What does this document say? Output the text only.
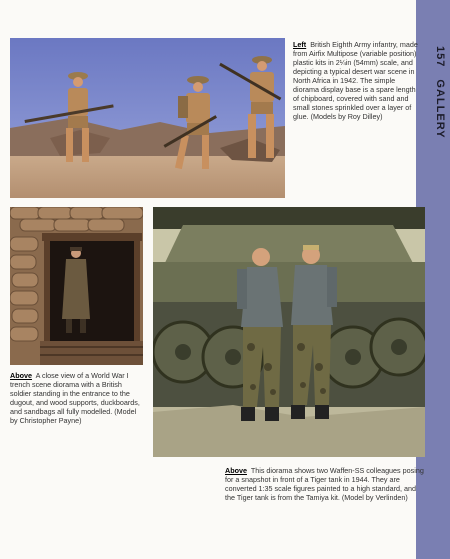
157 GALLERY
Left British Eighth Army infantry, made from Airfix Multipose (variable position) plastic kits in 2¼in (54mm) scale, and depicting a typical desert war scene in North Africa in 1942. The simple diorama display base is a spare length of chipboard, covered with sand and small stones sprinkled over a layer of glue. (Models by Roy Dilley)
Above A close view of a World War I trench scene diorama with a British soldier standing in the entrance to the dugout, and wood supports, duckboards, and sandbags all fully modelled. (Model by Christopher Payne)
Above This diorama shows two Waffen-SS colleagues posing for a snapshot in front of a Tiger tank in 1944. They are converted 1:35 scale figures painted to a high standard, and the Tiger tank is from the Tamiya kit. (Model by Verlinden)
